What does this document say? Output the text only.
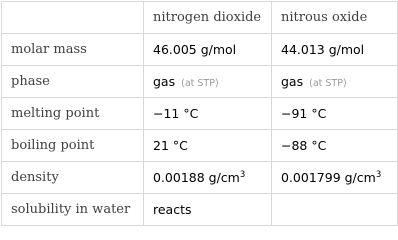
	nitrogen dioxide	nitrous oxide
molar mass	46.005 g/mol	44.013 g/mol
phase	gas (at STP)	gas (at STP)
melting point	−11 °C	−91 °C
boiling point	21 °C	−88 °C
density	0.00188 $g/cm^3$	0.001799 $g/cm^3$
solubility in water	reacts	
